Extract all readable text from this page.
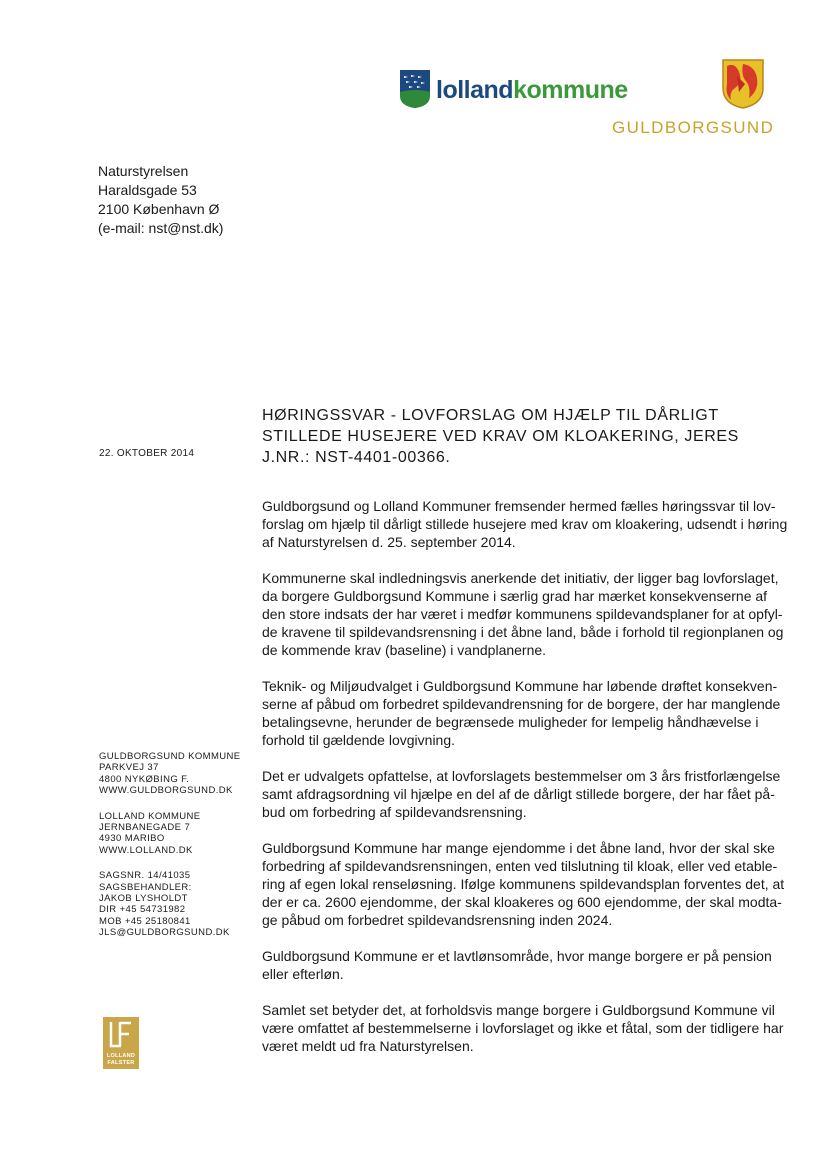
lollandkommune
GULDBORGSUND
Naturstyrelsen
Haraldsgade 53
2100 København Ø
(e-mail: nst@nst.dk)
22. OKTOBER 2014
HØRINGSSVAR - LOVFORSLAG OM HJÆLP TIL DÅRLIGT
STILLEDE HUSEJERE VED KRAV OM KLOAKERING, JERES
J.NR.: NST-4401-00366.
Guldborgsund og Lolland Kommuner fremsender hermed fælles høringssvar til lov-
forslag om hjælp til dårligt stillede husejere med krav om kloakering, udsendt i høring
af Naturstyrelsen d. 25. september 2014.
Kommunerne skal indledningsvis anerkende det initiativ, der ligger bag lovforslaget,
da borgere Guldborgsund Kommune i særlig grad har mærket konsekvenserne af
den store indsats der har været i medfør kommunens spildevandsplaner for at opfyl-
de kravene til spildevandsrensning i det åbne land, både i forhold til regionplanen og
de kommende krav (baseline) i vandplanerne.
Teknik- og Miljøudvalget i Guldborgsund Kommune har løbende drøftet konsekven-
serne af påbud om forbedret spildevandrensning for de borgere, der har manglende
betalingsevne, herunder de begrænsede muligheder for lempelig håndhævelse i
forhold til gældende lovgivning.
Det er udvalgets opfattelse, at lovforslagets bestemmelser om 3 års fristforlængelse
samt afdragsordning vil hjælpe en del af de dårligt stillede borgere, der har fået på-
bud om forbedring af spildevandsrensning.
Guldborgsund Kommune har mange ejendomme i det åbne land, hvor der skal ske
forbedring af spildevandsrensningen, enten ved tilslutning til kloak, eller ved etable-
ring af egen lokal renseløsning. Ifølge kommunens spildevandsplan forventes det, at
der er ca. 2600 ejendomme, der skal kloakeres og 600 ejendomme, der skal modta-
ge påbud om forbedret spildevandsrensning inden 2024.
Guldborgsund Kommune er et lavtlønsområde, hvor mange borgere er på pension
eller efterløn.
Samlet set betyder det, at forholdsvis mange borgere i Guldborgsund Kommune vil
være omfattet af bestemmelserne i lovforslaget og ikke et fåtal, som der tidligere har
været meldt ud fra Naturstyrelsen.
GULDBORGSUND KOMMUNE
PARKVEJ 37
4800 NYKØBING F.
WWW.GULDBORGSUND.DK
LOLLAND KOMMUNE
JERNBANEGADE 7
4930 MARIBO
WWW.LOLLAND.DK
SAGSNR. 14/41035
SAGSBEHANDLER:
JAKOB LYSHOLDT
DIR +45 54731982
MOB +45 25180841
JLS@GULDBORGSUND.DK
LOLLAND
FALSTER
